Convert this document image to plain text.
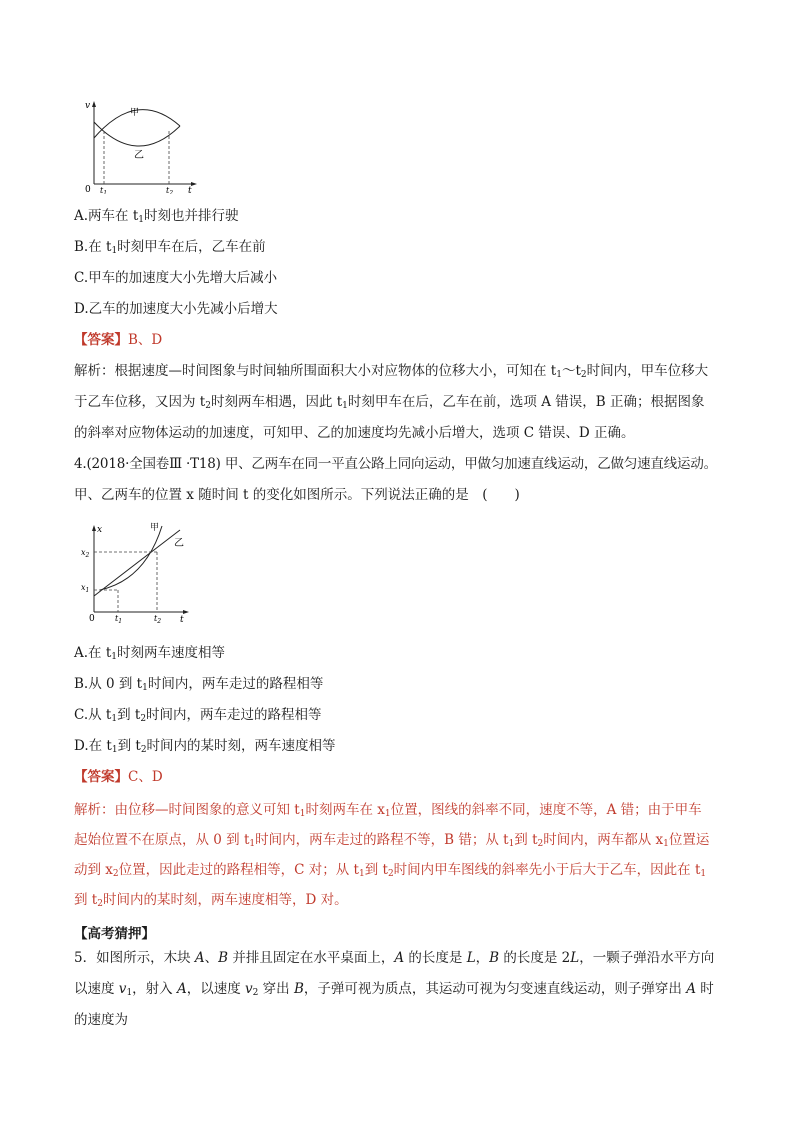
v
t
0 $t_1$	$t_2$
甲
乙
A.两车在 $t_1$时刻也并排行驶
B.在 $t_1$时刻甲车在后，乙车在前
C.甲车的加速度大小先增大后减小
D.乙车的加速度大小先减小后增大
【答案】B、D
解析：根据速度—时间图象与时间轴所围面积大小对应物体的位移大小，可知在 $t_1\sim t_2$时间内，甲车位移大
于乙车位移，又因为 $t_2$时刻两车相遇，因此 $t_1$时刻甲车在后，乙车在前，选项 A 错误，B 正确；根据图象
的斜率对应物体运动的加速度，可知甲、乙的加速度均先减小后增大，选项 C 错误、D 正确。
4.(2018·全国卷Ⅲ ·T18) 甲、乙两车在同一平直公路上同向运动，甲做匀加速直线运动，乙做匀速直线运动。
甲、乙两车的位置 x 随时间 t 的变化如图所示。下列说法正确的是　(　　)
x
t
0
$x_2$
$x_1$
$t_1$	$t_2$
甲
乙
A.在 $t_1$时刻两车速度相等
B.从 0 到 $t_1$时间内，两车走过的路程相等
C.从 $t_1$到 $t_2$时间内，两车走过的路程相等
D.在 $t_1$到 $t_2$时间内的某时刻，两车速度相等
【答案】C、D
解析：由位移—时间图象的意义可知 $t_1$时刻两车在 $x_1$位置，图线的斜率不同，速度不等，A 错；由于甲车
起始位置不在原点，从 0 到 $t_1$时间内，两车走过的路程不等，B 错；从 $t_1$到 $t_2$时间内，两车都从 $x_1$位置运
动到 $x_2$位置，因此走过的路程相等，C 对；从 $t_1$到 $t_2$时间内甲车图线的斜率先小于后大于乙车，因此在 $t_1$
到 $t_2$时间内的某时刻，两车速度相等，D 对。
【高考猜押】
5．如图所示，木块 A、B 并排且固定在水平桌面上，A 的长度是 L，B 的长度是 2L，一颗子弹沿水平方向
以速度 $v_1$，射入 A，以速度 $v_2$ 穿出 B，子弹可视为质点，其运动可视为匀变速直线运动，则子弹穿出 A 时
的速度为
